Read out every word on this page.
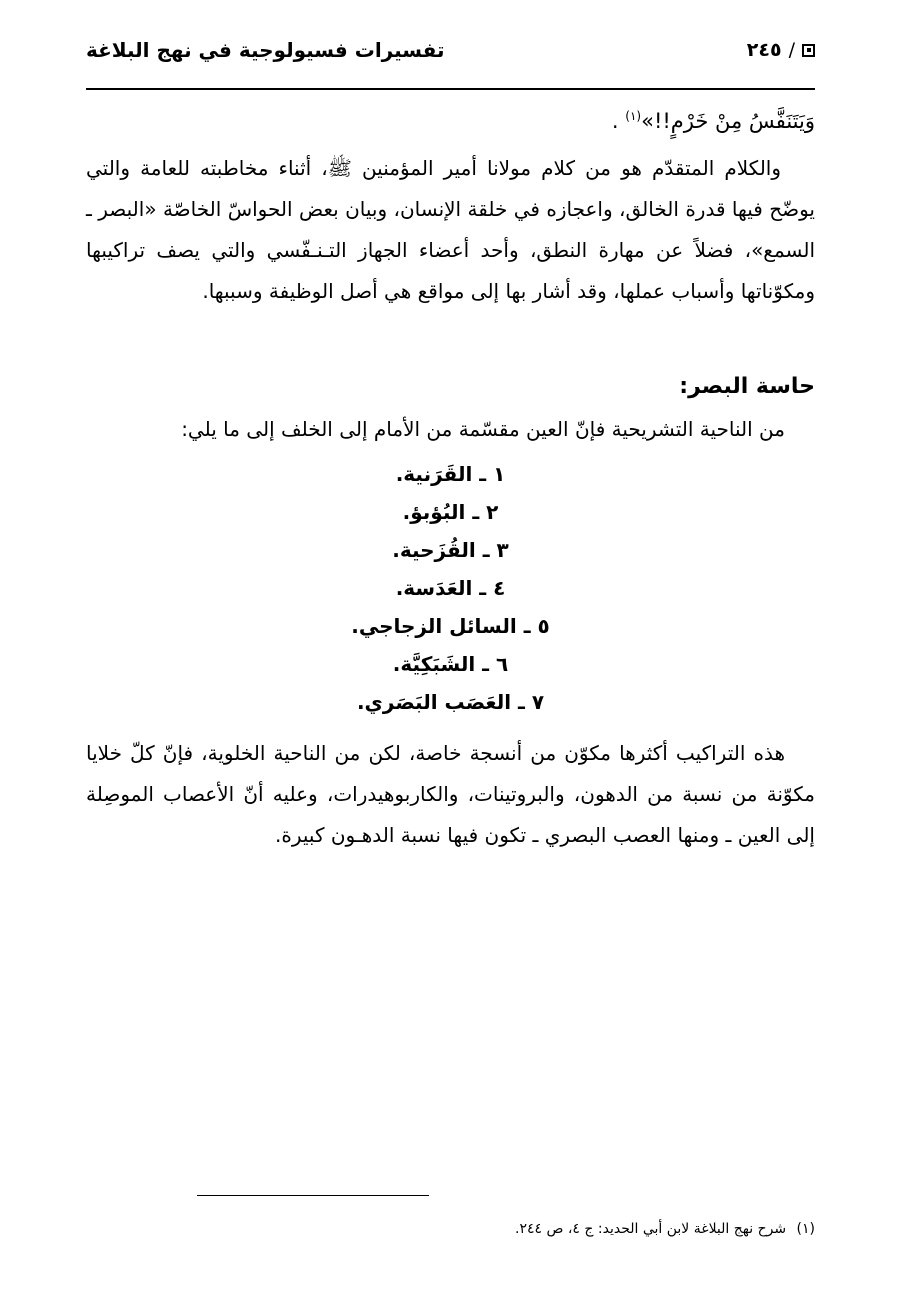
تفسيرات فسيولوجية في نهج البلاغة	٢٤٥ /

وَيَتَنَفَّسُ مِنْ خَرْمٍ!!»$^{(١)}$ .

والكلام المتقدّم هو من كلام مولانا أمير المؤمنين ﷺ، أثناء مخاطبته للعامة والتي يوضّح فيها قدرة الخالق، واعجازه في خلقة الإنسان، وبيان بعض الحواسّ الخاصّة «البصر ـ السمع»، فضلاً عن مهارة النطق، وأحد أعضاء الجهاز التـنـفّسي والتي يصف تراكيبها ومكوّناتها وأسباب عملها، وقد أشار بها إلى مواقع هي أصل الوظيفة وسببها.

حاسة البصر:

من الناحية التشريحية فإنّ العين مقسّمة من الأمام إلى الخلف إلى ما يلي:

١ ـ القَرَنية.
٢ ـ البُؤبؤ.
٣ ـ القُزَحية.
٤ ـ العَدَسة.
٥ ـ السائل الزجاجي.
٦ ـ الشَبَكِيَّة.
٧ ـ العَصَب البَصَري.

هذه التراكيب أكثرها مكوّن من أنسجة خاصة، لكن من الناحية الخلوية، فإنّ كلّ خلايا مكوّنة من نسبة من الدهون، والبروتينات، والكاربوهيدرات، وعليه أنّ الأعصاب الموصِلة إلى العين ـ ومنها العصب البصري ـ تكون فيها نسبة الدهـون كبيرة.

(١) شرح نهج البلاغة لابن أبي الحديد: ج ٤، ص ٢٤٤.
